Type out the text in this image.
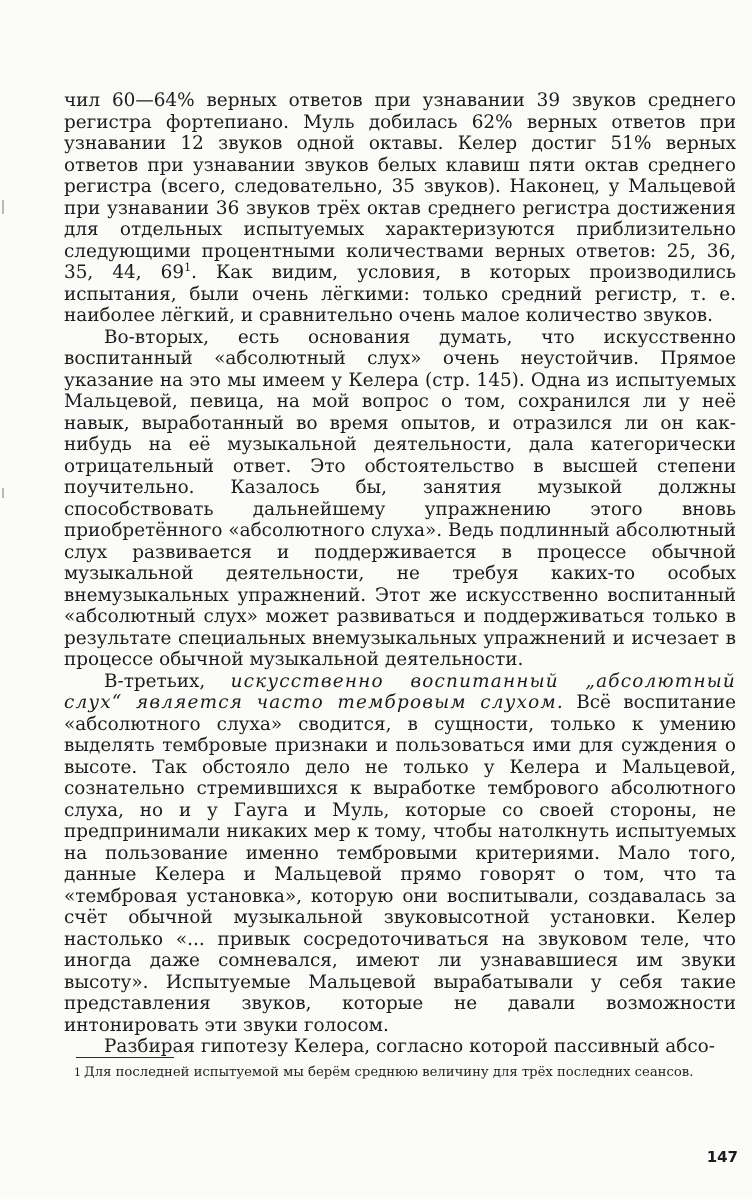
чил 60—64% верных ответов при узнавании 39 звуков среднего регистра фортепиано. Муль добилась 62% верных ответов при узнавании 12 звуков одной октавы. Келер достиг 51% верных ответов при узнавании звуков белых клавиш пяти октав среднего регистра (всего, следовательно, 35 звуков). Наконец, у Мальцевой при узнавании 36 звуков трёх октав среднего регистра достижения для отдельных испытуемых характеризуются приблизительно следующими процентными количествами верных ответов: 25, 36, 35, 44, 69$^1$. Как видим, условия, в которых производились испытания, были очень лёгкими: только средний регистр, т. е. наиболее лёгкий, и сравнительно очень малое количество звуков.

Во-вторых, есть основания думать, что искусственно воспитанный «абсолютный слух» очень неустойчив. Прямое указание на это мы имеем у Келера (стр. 145). Одна из испытуемых Мальцевой, певица, на мой вопрос о том, сохранился ли у неё навык, выработанный во время опытов, и отразился ли он как-нибудь на её музыкальной деятельности, дала категорически отрицательный ответ. Это обстоятельство в высшей степени поучительно. Казалось бы, занятия музыкой должны способствовать дальнейшему упражнению этого вновь приобретённого «абсолютного слуха». Ведь подлинный абсолютный слух развивается и поддерживается в процессе обычной музыкальной деятельности, не требуя каких-то особых внемузыкальных упражнений. Этот же искусственно воспитанный «абсолютный слух» может развиваться и поддерживаться только в результате специальных внемузыкальных упражнений и исчезает в процессе обычной музыкальной деятельности.

В-третьих, искусственно воспитанный „абсолютный слух“ является часто тембровым слухом. Всё воспитание «абсолютного слуха» сводится, в сущности, только к умению выделять тембровые признаки и пользоваться ими для суждения о высоте. Так обстояло дело не только у Келера и Мальцевой, сознательно стремившихся к выработке тембрового абсолютного слуха, но и у Гауга и Муль, которые со своей стороны, не предпринимали никаких мер к тому, чтобы натолкнуть испытуемых на пользование именно тембровыми критериями. Мало того, данные Келера и Мальцевой прямо говорят о том, что та «тембровая установка», которую они воспитывали, создавалась за счёт обычной музыкальной звуковысотной установки. Келер настолько «... привык сосредоточиваться на звуковом теле, что иногда даже сомневался, имеют ли узнававшиеся им звуки высоту». Испытуемые Мальцевой вырабатывали у себя такие представления звуков, которые не давали возможности интонировать эти звуки голосом.

Разбирая гипотезу Келера, согласно которой пассивный абсо-

$^1$ Для последней испытуемой мы берём среднюю величину для трёх последних сеансов.
147
